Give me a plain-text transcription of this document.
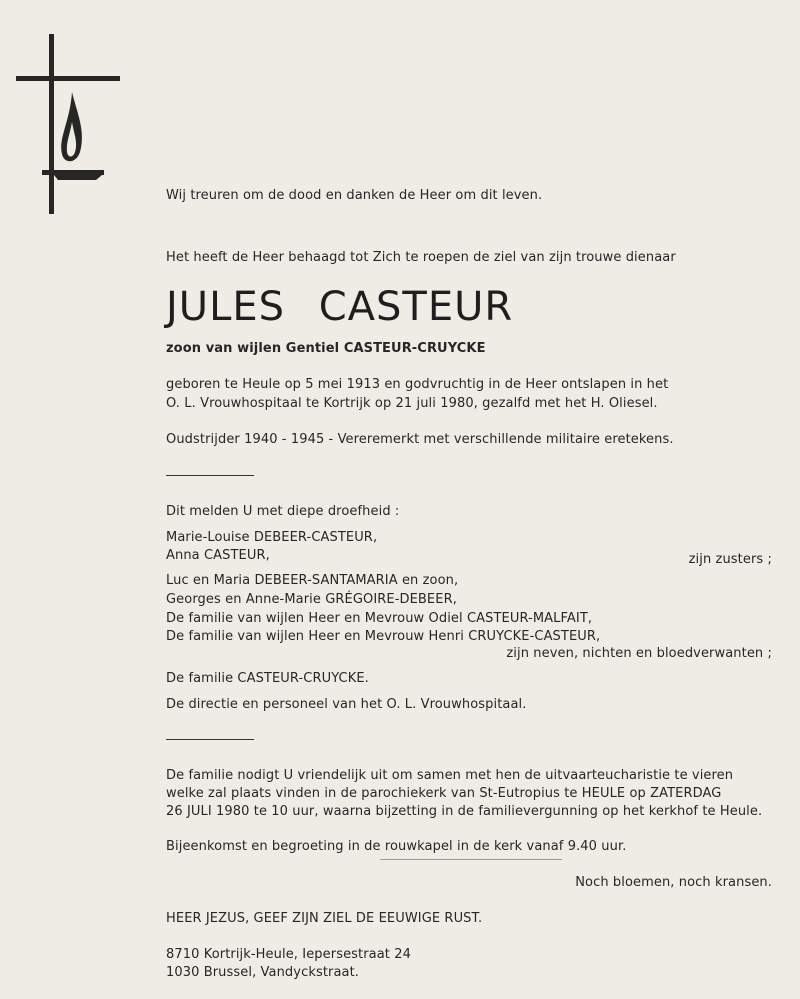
Wij treuren om de dood en danken de Heer om dit leven.
Het heeft de Heer behaagd tot Zich te roepen de ziel van zijn trouwe dienaar
JULES CASTEUR
zoon van wijlen Gentiel CASTEUR-CRUYCKE
geboren te Heule op 5 mei 1913 en godvruchtig in de Heer ontslapen in het
O. L. Vrouwhospitaal te Kortrijk op 21 juli 1980, gezalfd met het H. Oliesel.
Oudstrijder 1940 - 1945 - Vereremerkt met verschillende militaire eretekens.
Dit melden U met diepe droefheid :
Marie-Louise DEBEER-CASTEUR,
Anna CASTEUR,	zijn zusters ;
Luc en Maria DEBEER-SANTAMARIA en zoon,
Georges en Anne-Marie GRÉGOIRE-DEBEER,
De familie van wijlen Heer en Mevrouw Odiel CASTEUR-MALFAIT,
De familie van wijlen Heer en Mevrouw Henri CRUYCKE-CASTEUR,
zijn neven, nichten en bloedverwanten ;
De familie CASTEUR-CRUYCKE.
De directie en personeel van het O. L. Vrouwhospitaal.
De familie nodigt U vriendelijk uit om samen met hen de uitvaarteucharistie te vieren
welke zal plaats vinden in de parochiekerk van St-Eutropius te HEULE op ZATERDAG
26 JULI 1980 te 10 uur, waarna bijzetting in de familievergunning op het kerkhof te Heule.
Bijeenkomst en begroeting in de rouwkapel in de kerk vanaf 9.40 uur.
Noch bloemen, noch kransen.
HEER JEZUS, GEEF ZIJN ZIEL DE EEUWIGE RUST.
8710 Kortrijk-Heule, Iepersestraat 24
1030 Brussel, Vandyckstraat.
